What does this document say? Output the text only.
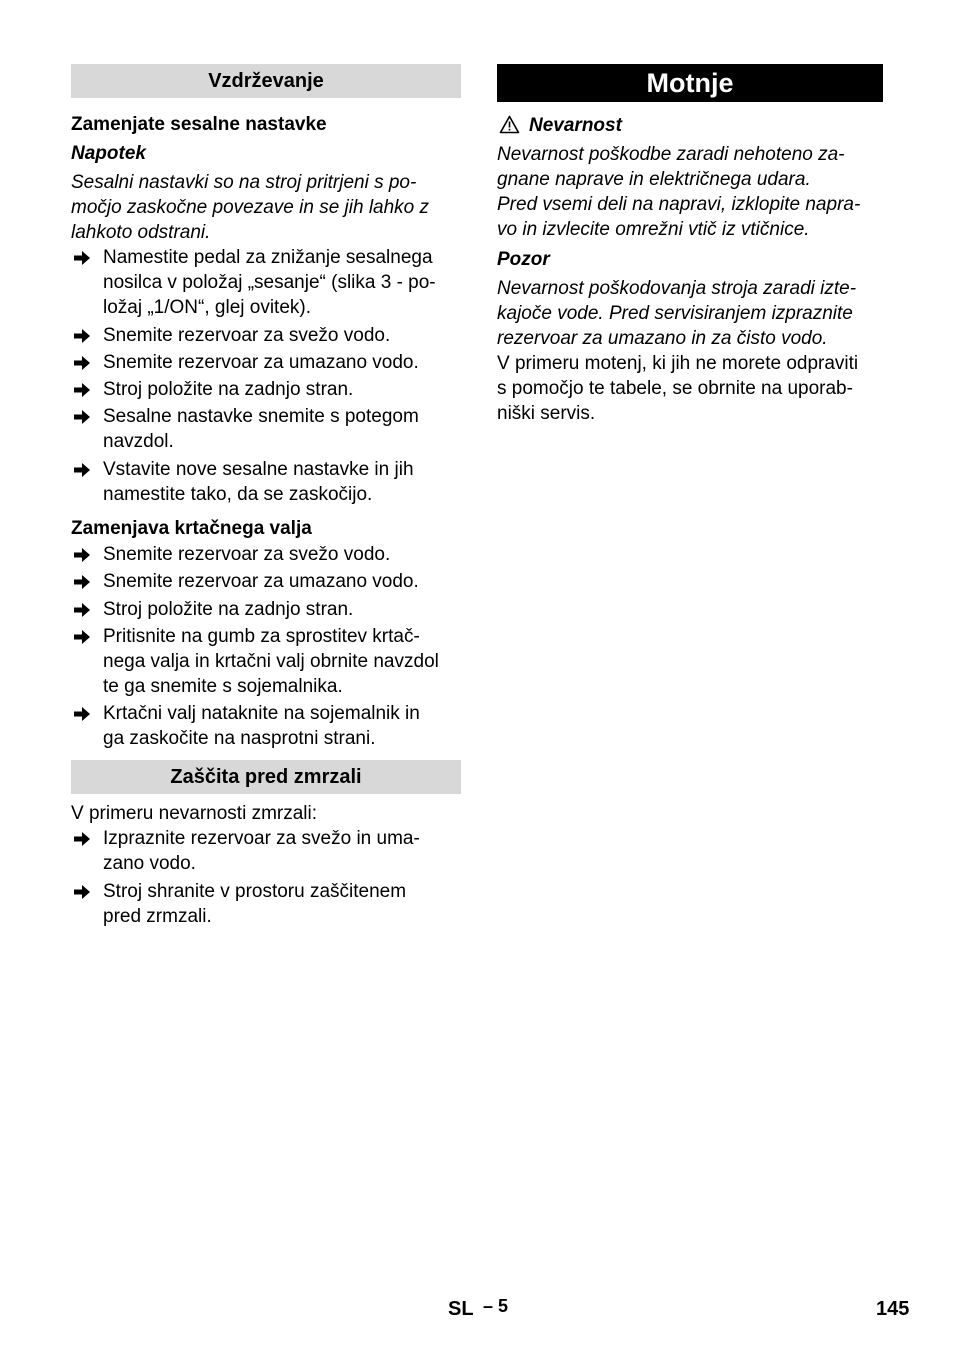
Vzdrževanje
Zamenjate sesalne nastavke
Napotek
Sesalni nastavki so na stroj pritrjeni s po-
močjo zaskočne povezave in se jih lahko z
lahkoto odstrani.
Namestite pedal za znižanje sesalnega
nosilca v položaj „sesanje“ (slika 3 - po-
ložaj „1/ON“, glej ovitek).
Snemite rezervoar za svežo vodo.
Snemite rezervoar za umazano vodo.
Stroj položite na zadnjo stran.
Sesalne nastavke snemite s potegom
navzdol.
Vstavite nove sesalne nastavke in jih
namestite tako, da se zaskočijo.
Zamenjava krtačnega valja
Snemite rezervoar za svežo vodo.
Snemite rezervoar za umazano vodo.
Stroj položite na zadnjo stran.
Pritisnite na gumb za sprostitev krtač-
nega valja in krtačni valj obrnite navzdol
te ga snemite s sojemalnika.
Krtačni valj nataknite na sojemalnik in
ga zaskočite na nasprotni strani.
Zaščita pred zmrzali
V primeru nevarnosti zmrzali:
Izpraznite rezervoar za svežo in uma-
zano vodo.
Stroj shranite v prostoru zaščitenem
pred zrmzali.
Motnje
Nevarnost
Nevarnost poškodbe zaradi nehoteno za-
gnane naprave in električnega udara.
Pred vsemi deli na napravi, izklopite napra-
vo in izvlecite omrežni vtič iz vtičnice.
Pozor
Nevarnost poškodovanja stroja zaradi izte-
kajoče vode. Pred servisiranjem izpraznite
rezervoar za umazano in za čisto vodo.
V primeru motenj, ki jih ne morete odpraviti
s pomočjo te tabele, se obrnite na uporab-
niški servis.
SL – 5	145
